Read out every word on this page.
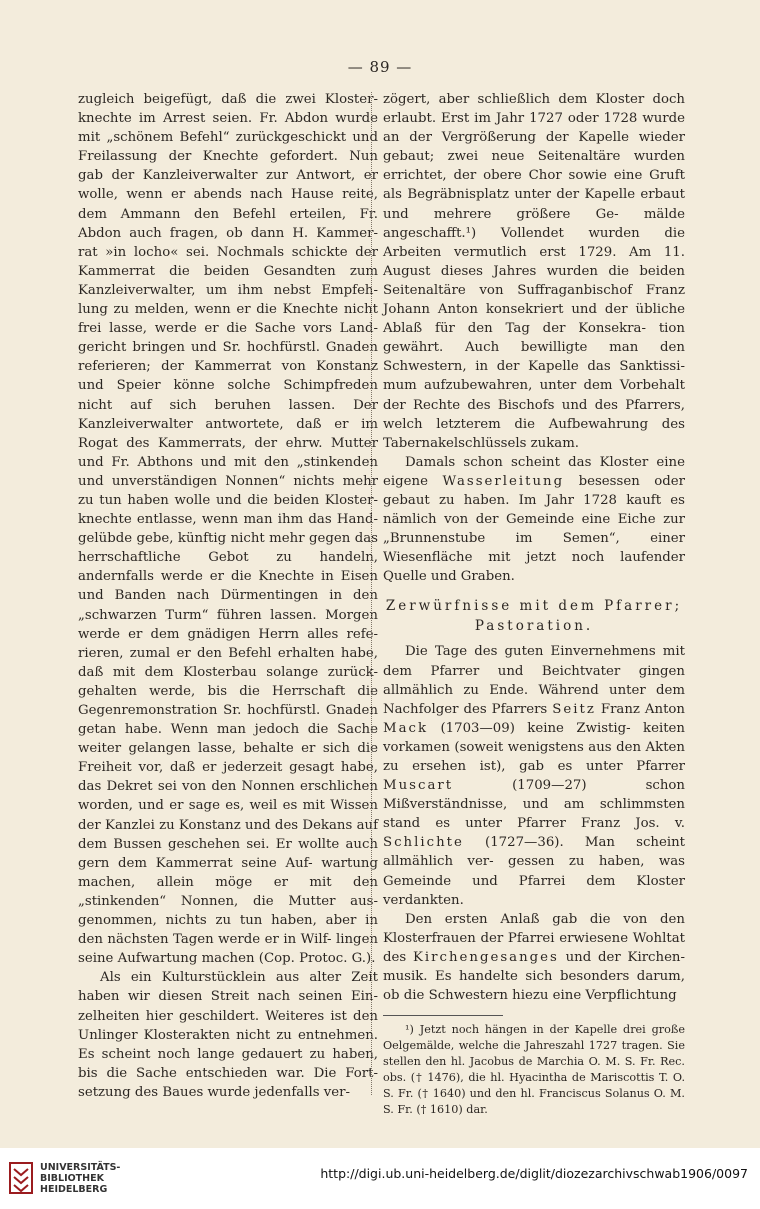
— 89 —

zugleich beigefügt, daß die zwei Kloster- knechte im Arrest seien. Fr. Abdon wurde mit „schönem Befehl“ zurückgeschickt und Freilassung der Knechte gefordert. Nun gab der Kanzleiverwalter zur Antwort, er wolle, wenn er abends nach Hause reite, dem Ammann den Befehl erteilen, Fr. Abdon auch fragen, ob dann H. Kammer- rat »in locho« sei. Nochmals schickte der Kammerrat die beiden Gesandten zum Kanzleiverwalter, um ihm nebst Empfeh- lung zu melden, wenn er die Knechte nicht frei lasse, werde er die Sache vors Land- gericht bringen und Sr. hochfürstl. Gnaden referieren; der Kammerrat von Konstanz und Speier könne solche Schimpfreden nicht auf sich beruhen lassen. Der Kanzleiverwalter antwortete, daß er im Rogat des Kammerrats, der ehrw. Mutter und Fr. Abthons und mit den „stinkenden und unverständigen Nonnen“ nichts mehr zu tun haben wolle und die beiden Kloster- knechte entlasse, wenn man ihm das Hand- gelübde gebe, künftig nicht mehr gegen das herrschaftliche Gebot zu handeln, andernfalls werde er die Knechte in Eisen und Banden nach Dürmentingen in den „schwarzen Turm“ führen lassen. Morgen werde er dem gnädigen Herrn alles refe- rieren, zumal er den Befehl erhalten habe, daß mit dem Klosterbau solange zurück- gehalten werde, bis die Herrschaft die Gegenremonstration Sr. hochfürstl. Gnaden getan habe. Wenn man jedoch die Sache weiter gelangen lasse, behalte er sich die Freiheit vor, daß er jederzeit gesagt habe, das Dekret sei von den Nonnen erschlichen worden, und er sage es, weil es mit Wissen der Kanzlei zu Konstanz und des Dekans auf dem Bussen geschehen sei. Er wollte auch gern dem Kammerrat seine Auf- wartung machen, allein möge er mit den „stinkenden“ Nonnen, die Mutter aus- genommen, nichts zu tun haben, aber in den nächsten Tagen werde er in Wilf- lingen seine Aufwartung machen (Cop. Protoc. G.).

Als ein Kulturstücklein aus alter Zeit haben wir diesen Streit nach seinen Ein- zelheiten hier geschildert. Weiteres ist den Unlinger Klosterakten nicht zu entnehmen. Es scheint noch lange gedauert zu haben, bis die Sache entschieden war. Die Fort- setzung des Baues wurde jedenfalls ver-

zögert, aber schließlich dem Kloster doch erlaubt. Erst im Jahr 1727 oder 1728 wurde an der Vergrößerung der Kapelle wieder gebaut; zwei neue Seitenaltäre wurden errichtet, der obere Chor sowie eine Gruft als Begräbnisplatz unter der Kapelle erbaut und mehrere größere Ge- mälde angeschafft.¹) Vollendet wurden die Arbeiten vermutlich erst 1729. Am 11. August dieses Jahres wurden die beiden Seitenaltäre von Suffraganbischof Franz Johann Anton konsekriert und der übliche Ablaß für den Tag der Konsekra- tion gewährt. Auch bewilligte man den Schwestern, in der Kapelle das Sanktissi- mum aufzubewahren, unter dem Vorbehalt der Rechte des Bischofs und des Pfarrers, welch letzterem die Aufbewahrung des Tabernakelschlüssels zukam.

Damals schon scheint das Kloster eine eigene Wasserleitung besessen oder gebaut zu haben. Im Jahr 1728 kauft es nämlich von der Gemeinde eine Eiche zur „Brunnenstube im Semen“, einer Wiesenfläche mit jetzt noch laufender Quelle und Graben.

Zerwürfnisse mit dem Pfarrer;
Pastoration.

Die Tage des guten Einvernehmens mit dem Pfarrer und Beichtvater gingen allmählich zu Ende. Während unter dem Nachfolger des Pfarrers Seitz Franz Anton Mack (1703—09) keine Zwistig- keiten vorkamen (soweit wenigstens aus den Akten zu ersehen ist), gab es unter Pfarrer Muscart (1709—27) schon Mißverständnisse, und am schlimmsten stand es unter Pfarrer Franz Jos. v. Schlichte (1727—36). Man scheint allmählich ver- gessen zu haben, was Gemeinde und Pfarrei dem Kloster verdankten.

Den ersten Anlaß gab die von den Klosterfrauen der Pfarrei erwiesene Wohltat des Kirchengesanges und der Kirchen- musik. Es handelte sich besonders darum, ob die Schwestern hiezu eine Verpflichtung

¹) Jetzt noch hängen in der Kapelle drei große Oelgemälde, welche die Jahreszahl 1727 tragen. Sie stellen den hl. Jacobus de Marchia O. M. S. Fr. Rec. obs. († 1476), die hl. Hyacintha de Mariscottis T. O. S. Fr. († 1640) und den hl. Franciscus Solanus O. M. S. Fr. († 1610) dar.

UNIVERSITÄTS-
BIBLIOTHEK
HEIDELBERG
http://digi.ub.uni-heidelberg.de/diglit/diozezarchivschwab1906/0097
